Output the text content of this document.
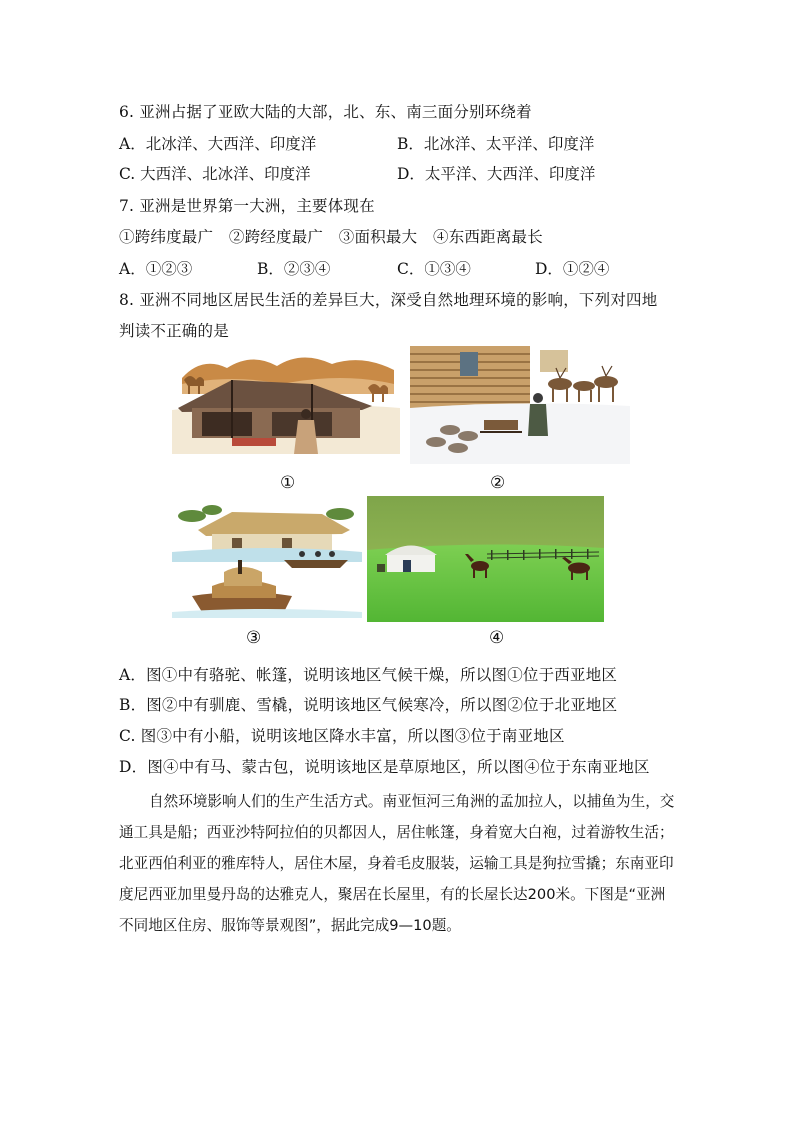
6. 亚洲占据了亚欧大陆的大部，北、东、南三面分别环绕着
A．北冰洋、大西洋、印度洋	B．北冰洋、太平洋、印度洋
C. 大西洋、北冰洋、印度洋	D．太平洋、大西洋、印度洋
7. 亚洲是世界第一大洲，主要体现在
①跨纬度最广　②跨经度最广　③面积最大　④东西距离最长
A．①②③	B．②③④	C．①③④	D．①②④
8. 亚洲不同地区居民生活的差异巨大，深受自然地理环境的影响，下列对四地
判读不正确的是
①	②
③	④
A．图①中有骆驼、帐篷，说明该地区气候干燥，所以图①位于西亚地区
B．图②中有驯鹿、雪橇，说明该地区气候寒冷，所以图②位于北亚地区
C. 图③中有小船，说明该地区降水丰富，所以图③位于南亚地区
D．图④中有马、蒙古包，说明该地区是草原地区，所以图④位于东南亚地区
自然环境影响人们的生产生活方式。南亚恒河三角洲的孟加拉人，以捕鱼为生，交通工具是船；西亚沙特阿拉伯的贝都因人，居住帐篷，身着宽大白袍，过着游牧生活；北亚西伯利亚的雅库特人，居住木屋，身着毛皮服装，运输工具是狗拉雪撬；东南亚印度尼西亚加里曼丹岛的达雅克人，聚居在长屋里，有的长屋长达200米。下图是“亚洲不同地区住房、服饰等景观图”，据此完成9—10题。
